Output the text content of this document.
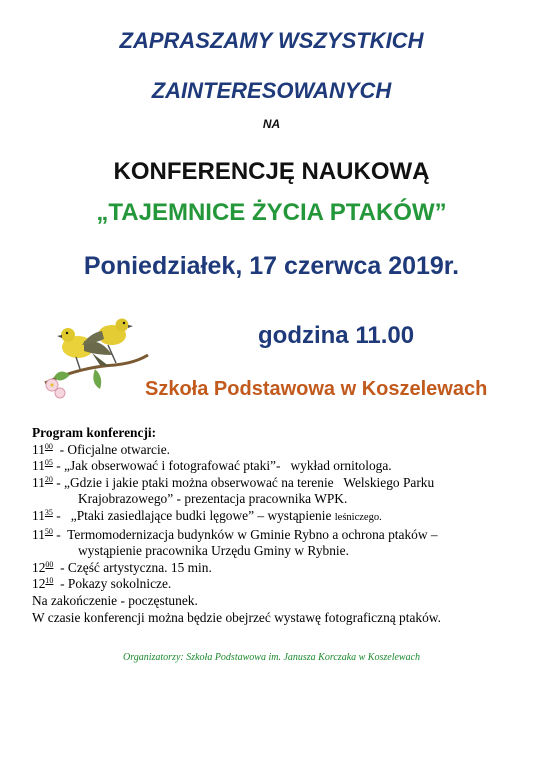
ZAPRASZAMY WSZYSTKICH
ZAINTERESOWANYCH
NA
KONFERENCJĘ NAUKOWĄ
„TAJEMNICE ŻYCIA PTAKÓW”
Poniedziałek, 17 czerwca 2019r.
godzina 11.00
Szkoła Podstawowa w Koszelewach
Program konferencji:
$11^{00}$  - Oficjalne otwarcie.
$11^{05}$ - „Jak obserwować i fotografować ptaki”-   wykład ornitologa.
$11^{20}$ - „Gdzie i jakie ptaki można obserwować na terenie   Welskiego Parku
Krajobrazowego” - prezentacja pracownika WPK.
$11^{35}$ -   „Ptaki zasiedlające budki lęgowe” – wystąpienie leśniczego.
$11^{50}$ -  Termomodernizacja budynków w Gminie Rybno a ochrona ptaków –
wystąpienie pracownika Urzędu Gminy w Rybnie.
$12^{00}$  - Część artystyczna. 15 min.
$12^{10}$  - Pokazy sokolnicze.
Na zakończenie - poczęstunek.
W czasie konferencji można będzie obejrzeć wystawę fotograficzną ptaków.
Organizatorzy: Szkoła Podstawowa im. Janusza Korczaka w Koszelewach
